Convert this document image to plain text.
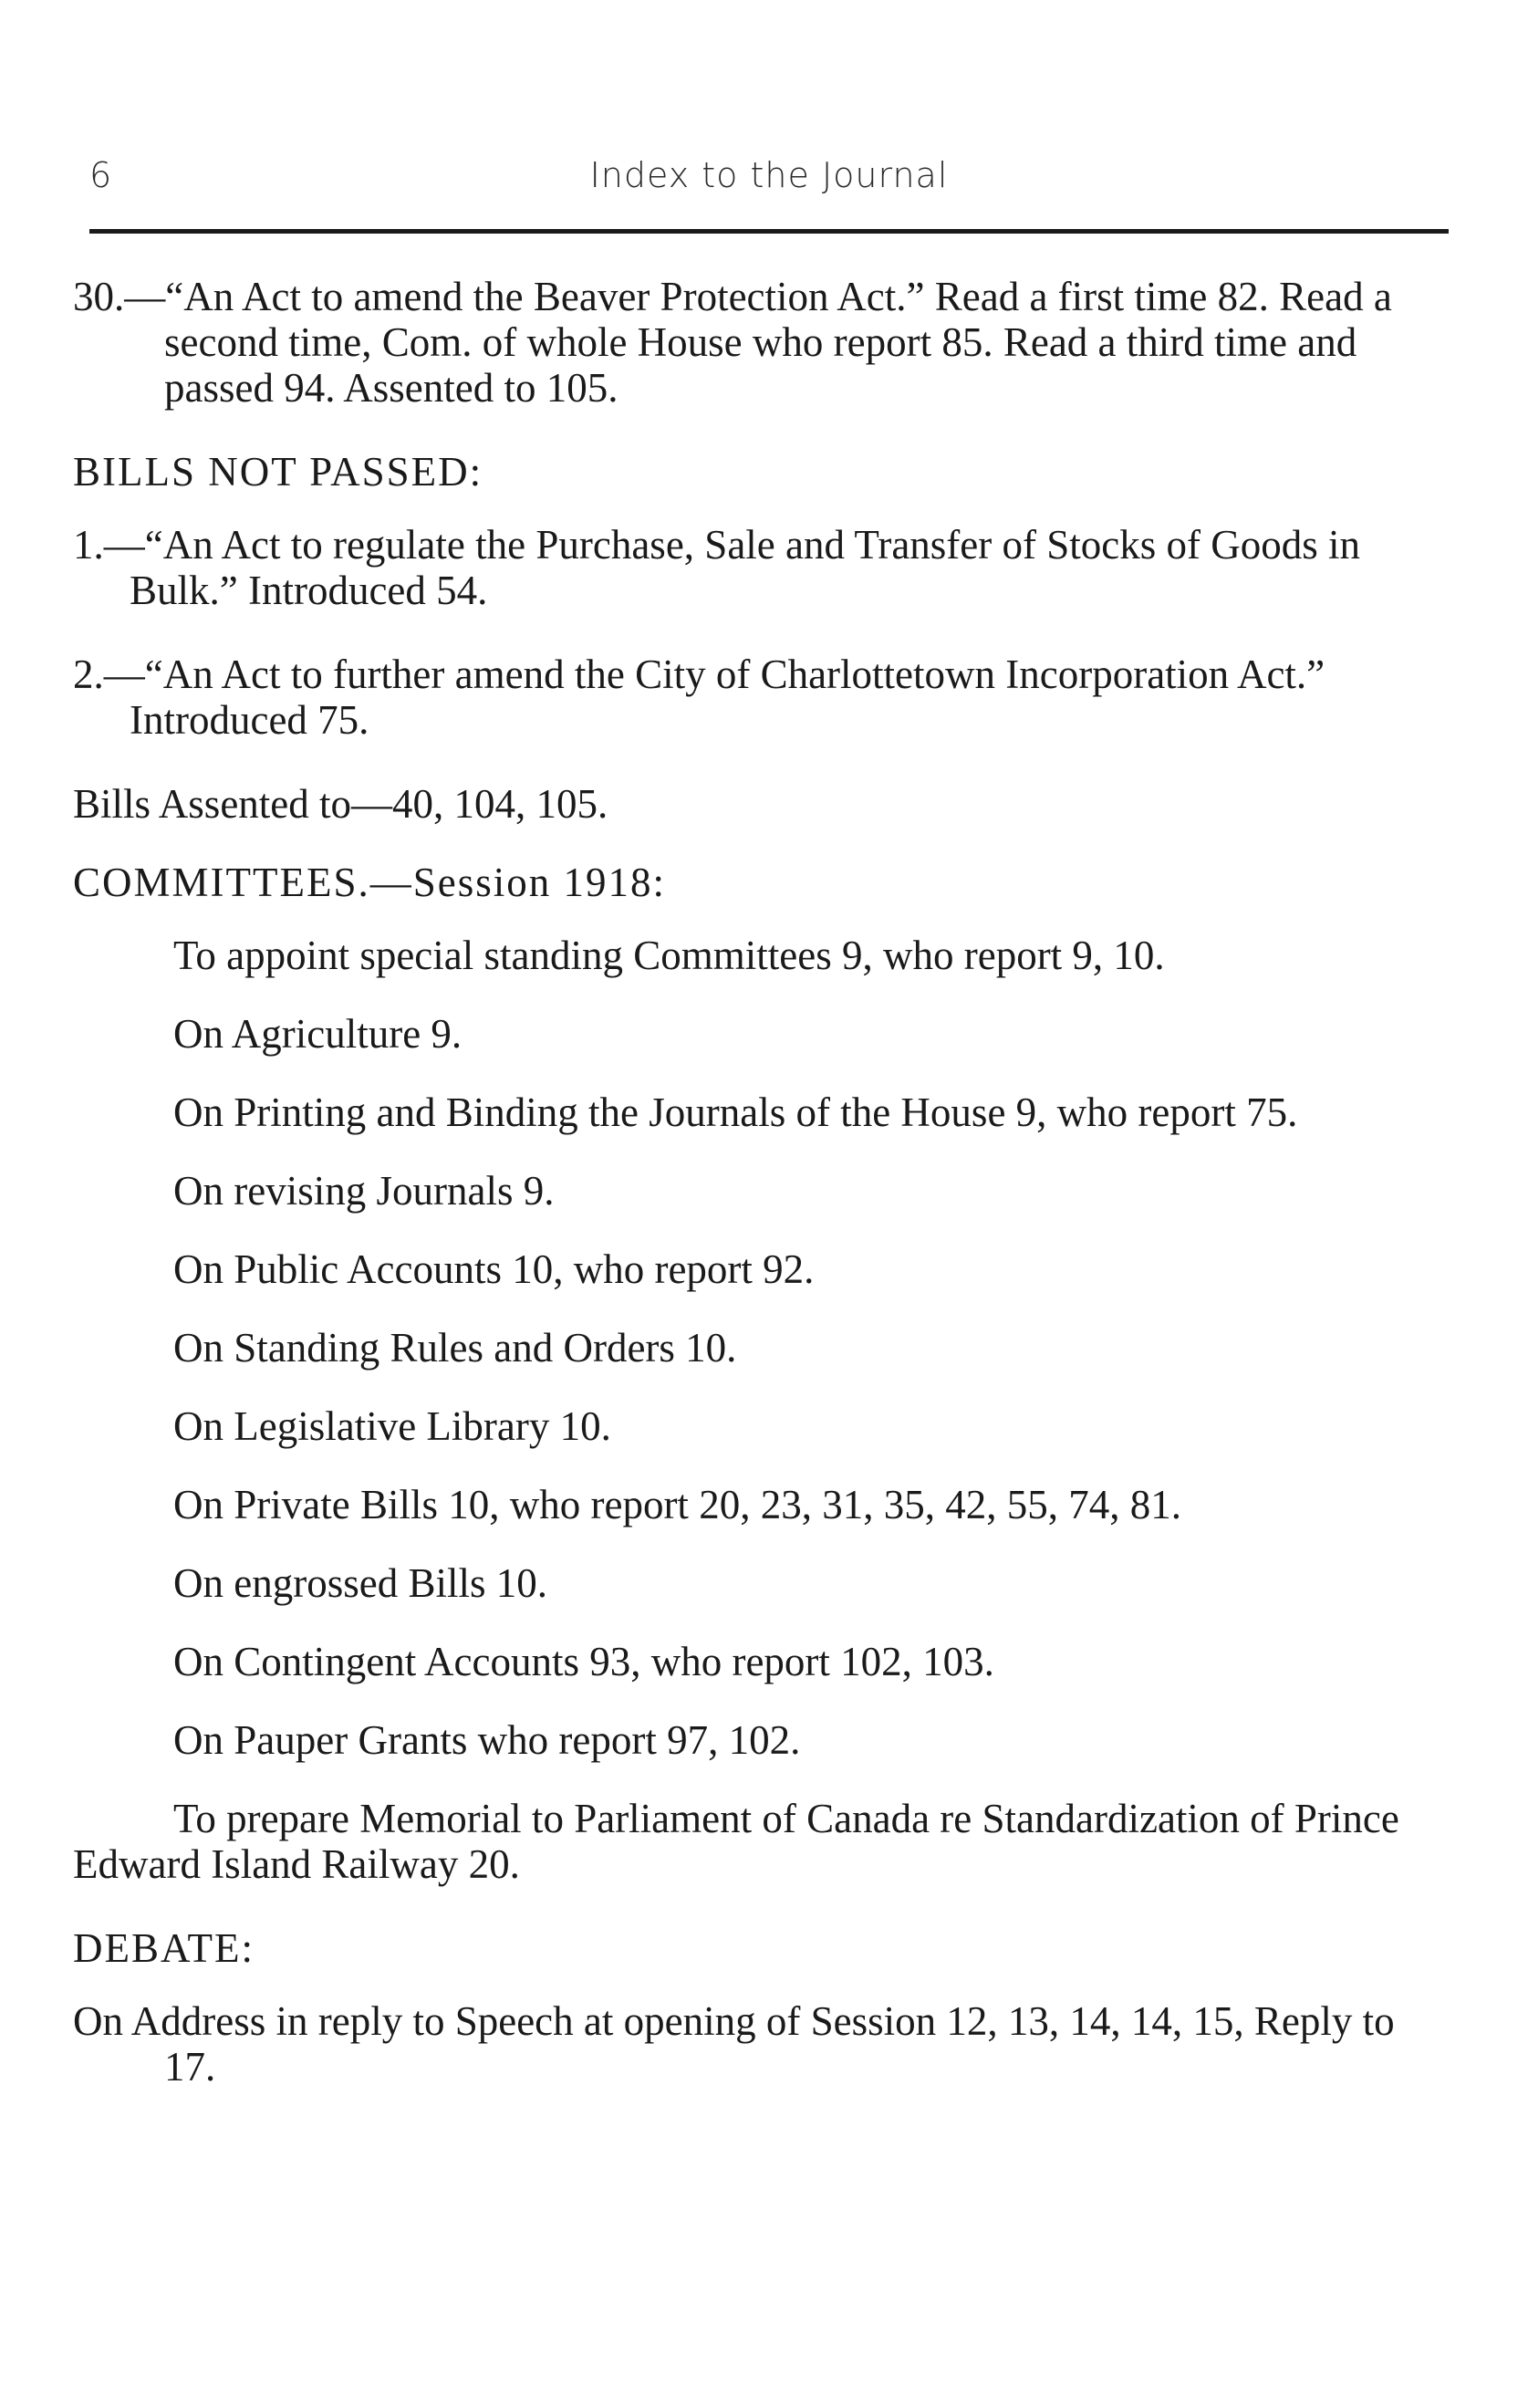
6	Index to the Journal

30.—“An Act to amend the Beaver Protection Act.” Read a first time 82. Read a second time, Com. of whole House who report 85. Read a third time and passed 94. Assented to 105.

BILLS NOT PASSED:

1.—“An Act to regulate the Purchase, Sale and Transfer of Stocks of Goods in Bulk.” Introduced 54.

2.—“An Act to further amend the City of Charlottetown Incorporation Act.” Introduced 75.

Bills Assented to—40, 104, 105.

COMMITTEES.—Session 1918:

To appoint special standing Committees 9, who report 9, 10.

On Agriculture 9.

On Printing and Binding the Journals of the House 9, who report 75.

On revising Journals 9.

On Public Accounts 10, who report 92.

On Standing Rules and Orders 10.

On Legislative Library 10.

On Private Bills 10, who report 20, 23, 31, 35, 42, 55, 74, 81.

On engrossed Bills 10.

On Contingent Accounts 93, who report 102, 103.

On Pauper Grants who report 97, 102.

To prepare Memorial to Parliament of Canada re Standardization of Prince Edward Island Railway 20.

DEBATE:

On Address in reply to Speech at opening of Session 12, 13, 14, 14, 15, Reply to 17.
